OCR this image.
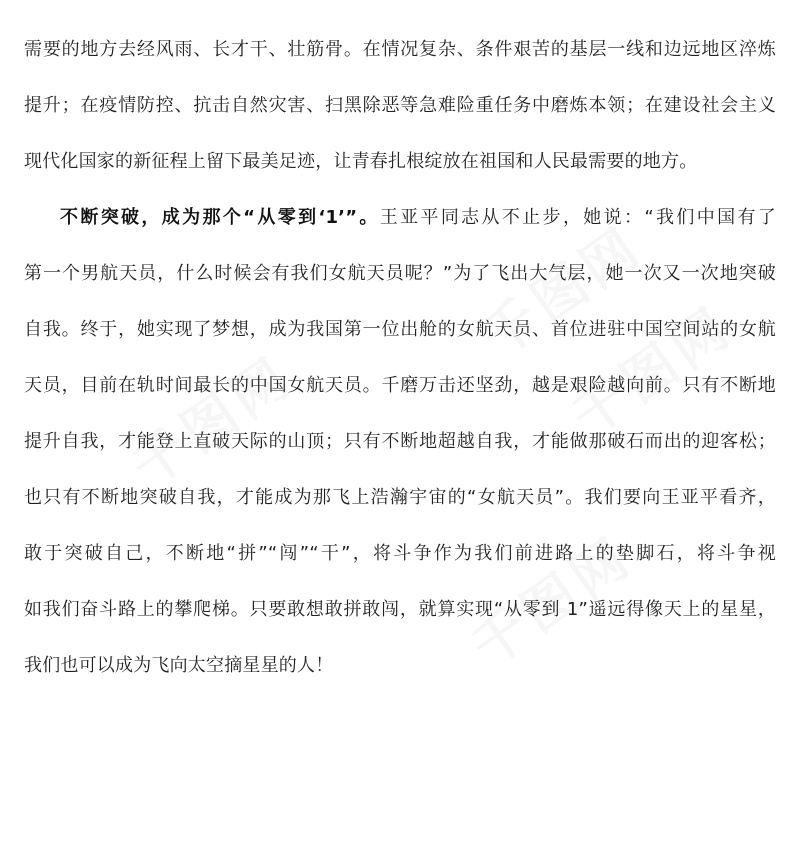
需要的地方去经风雨、长才干、壮筋骨。在情况复杂、条件艰苦的基层一线和边远地区淬炼
提升；在疫情防控、抗击自然灾害、扫黑除恶等急难险重任务中磨炼本领；在建设社会主义
现代化国家的新征程上留下最美足迹，让青春扎根绽放在祖国和人民最需要的地方。
不断突破，成为那个“从零到‘1’”。王亚平同志从不止步，她说：“我们中国有了
第一个男航天员，什么时候会有我们女航天员呢？”为了飞出大气层，她一次又一次地突破
自我。终于，她实现了梦想，成为我国第一位出舱的女航天员、首位进驻中国空间站的女航
天员，目前在轨时间最长的中国女航天员。千磨万击还坚劲，越是艰险越向前。只有不断地
提升自我，才能登上直破天际的山顶；只有不断地超越自我，才能做那破石而出的迎客松；
也只有不断地突破自我，才能成为那飞上浩瀚宇宙的“女航天员”。我们要向王亚平看齐，
敢于突破自己，不断地“拼”“闯”“干”，将斗争作为我们前进路上的垫脚石，将斗争视
如我们奋斗路上的攀爬梯。只要敢想敢拼敢闯，就算实现“从零到 1”遥远得像天上的星星，
我们也可以成为飞向太空摘星星的人！
